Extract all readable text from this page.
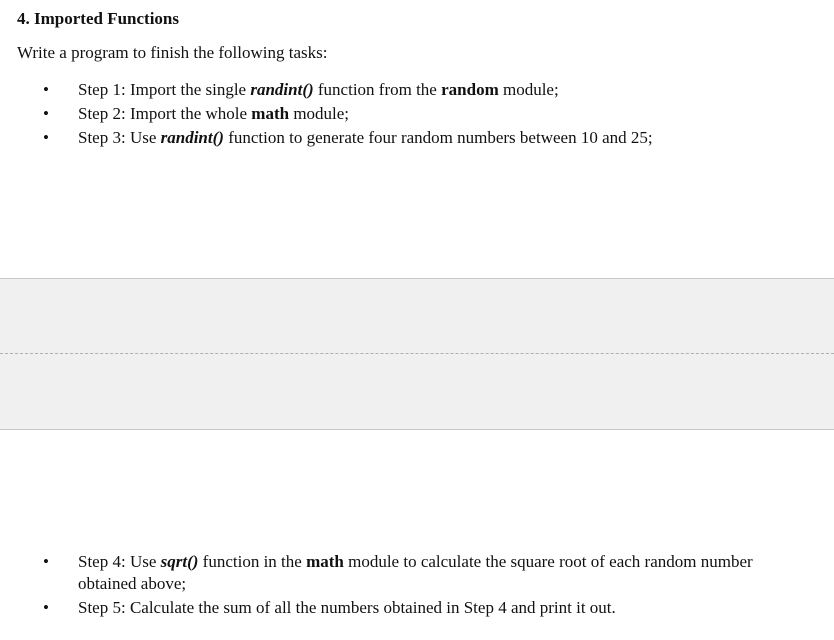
4. Imported Functions
Write a program to finish the following tasks:
• Step 1: Import the single randint() function from the random module;
• Step 2: Import the whole math module;
• Step 3: Use randint() function to generate four random numbers between 10 and 25;
• Step 4: Use sqrt() function in the math module to calculate the square root of each random number obtained above;
• Step 5: Calculate the sum of all the numbers obtained in Step 4 and print it out.
